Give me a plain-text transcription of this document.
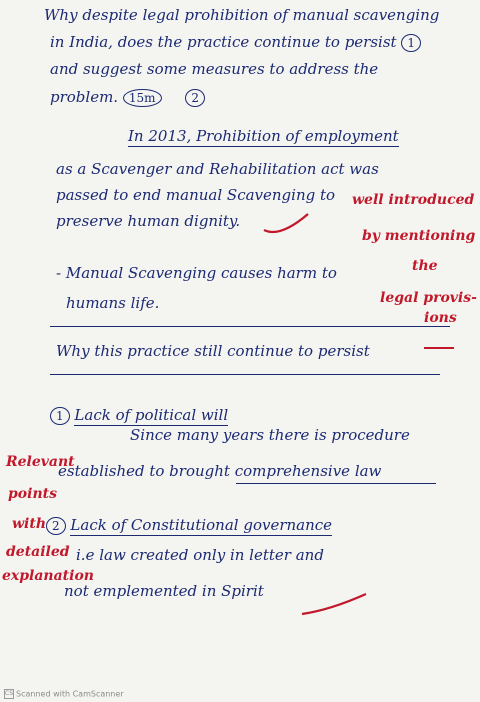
Why despite legal prohibition of manual scavenging
in India, does the practice continue to persist 1
and suggest some measures to address the
problem. 15m	2
In 2013, Prohibition of employment
as a Scavenger and Rehabilitation act was
passed to end manual Scavenging to
preserve human dignity.
well introduced
by mentioning
the
legal provis-
ions
- Manual Scavenging causes harm to
humans life.
Why this practice still continue to persist
1 Lack of political will
Since many years there is procedure
established to brought comprehensive law
Relevant
points
with
detailed
explanation
2 Lack of Constitutional governance
i.e law created only in letter and
not emplemented in Spirit
CS Scanned with CamScanner
